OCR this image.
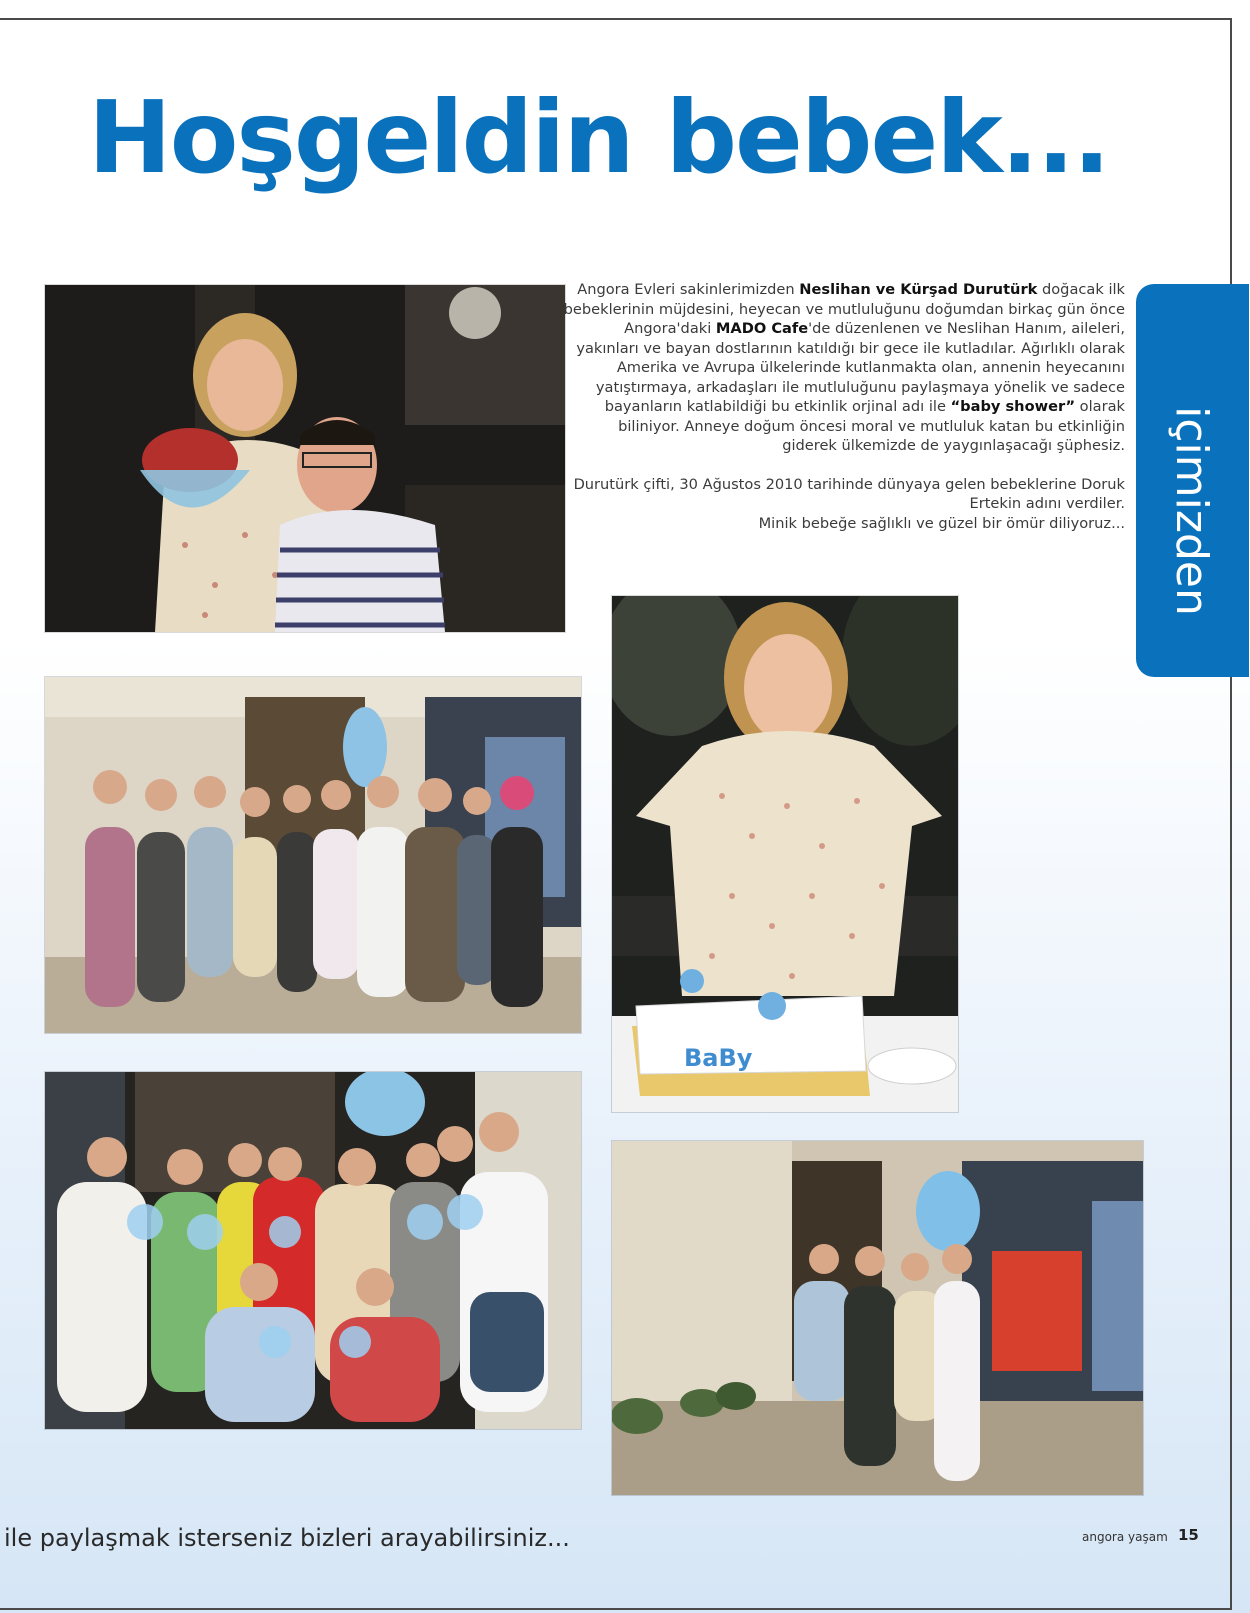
Hoşgeldin bebek...

Angora Evleri sakinlerimizden Neslihan ve Kürşad Durutürk doğacak ilk bebeklerinin müjdesini, heyecan ve mutluluğunu doğumdan birkaç gün önce Angora'daki MADO Cafe'de düzenlenen ve Neslihan Hanım, aileleri, yakınları ve bayan dostlarının katıldığı bir gece ile kutladılar. Ağırlıklı olarak Amerika ve Avrupa ülkelerinde kutlanmakta olan, annenin heyecanını yatıştırmaya, arkadaşları ile mutluluğunu paylaşmaya yönelik ve sadece bayanların katlabildiği bu etkinlik orjinal adı ile “baby shower” olarak biliniyor. Anneye doğum öncesi moral ve mutluluk katan bu etkinliğin giderek ülkemizde de yaygınlaşacağı şüphesiz.

Durutürk çifti, 30 Ağustos 2010 tarihinde dünyaya gelen bebeklerine Doruk Ertekin adını verdiler.
Minik bebeğe sağlıklı ve güzel bir ömür diliyoruz... içimizden
BaBy
ile paylaşmak isterseniz bizleri arayabilirsiniz...	angora yaşam 15
